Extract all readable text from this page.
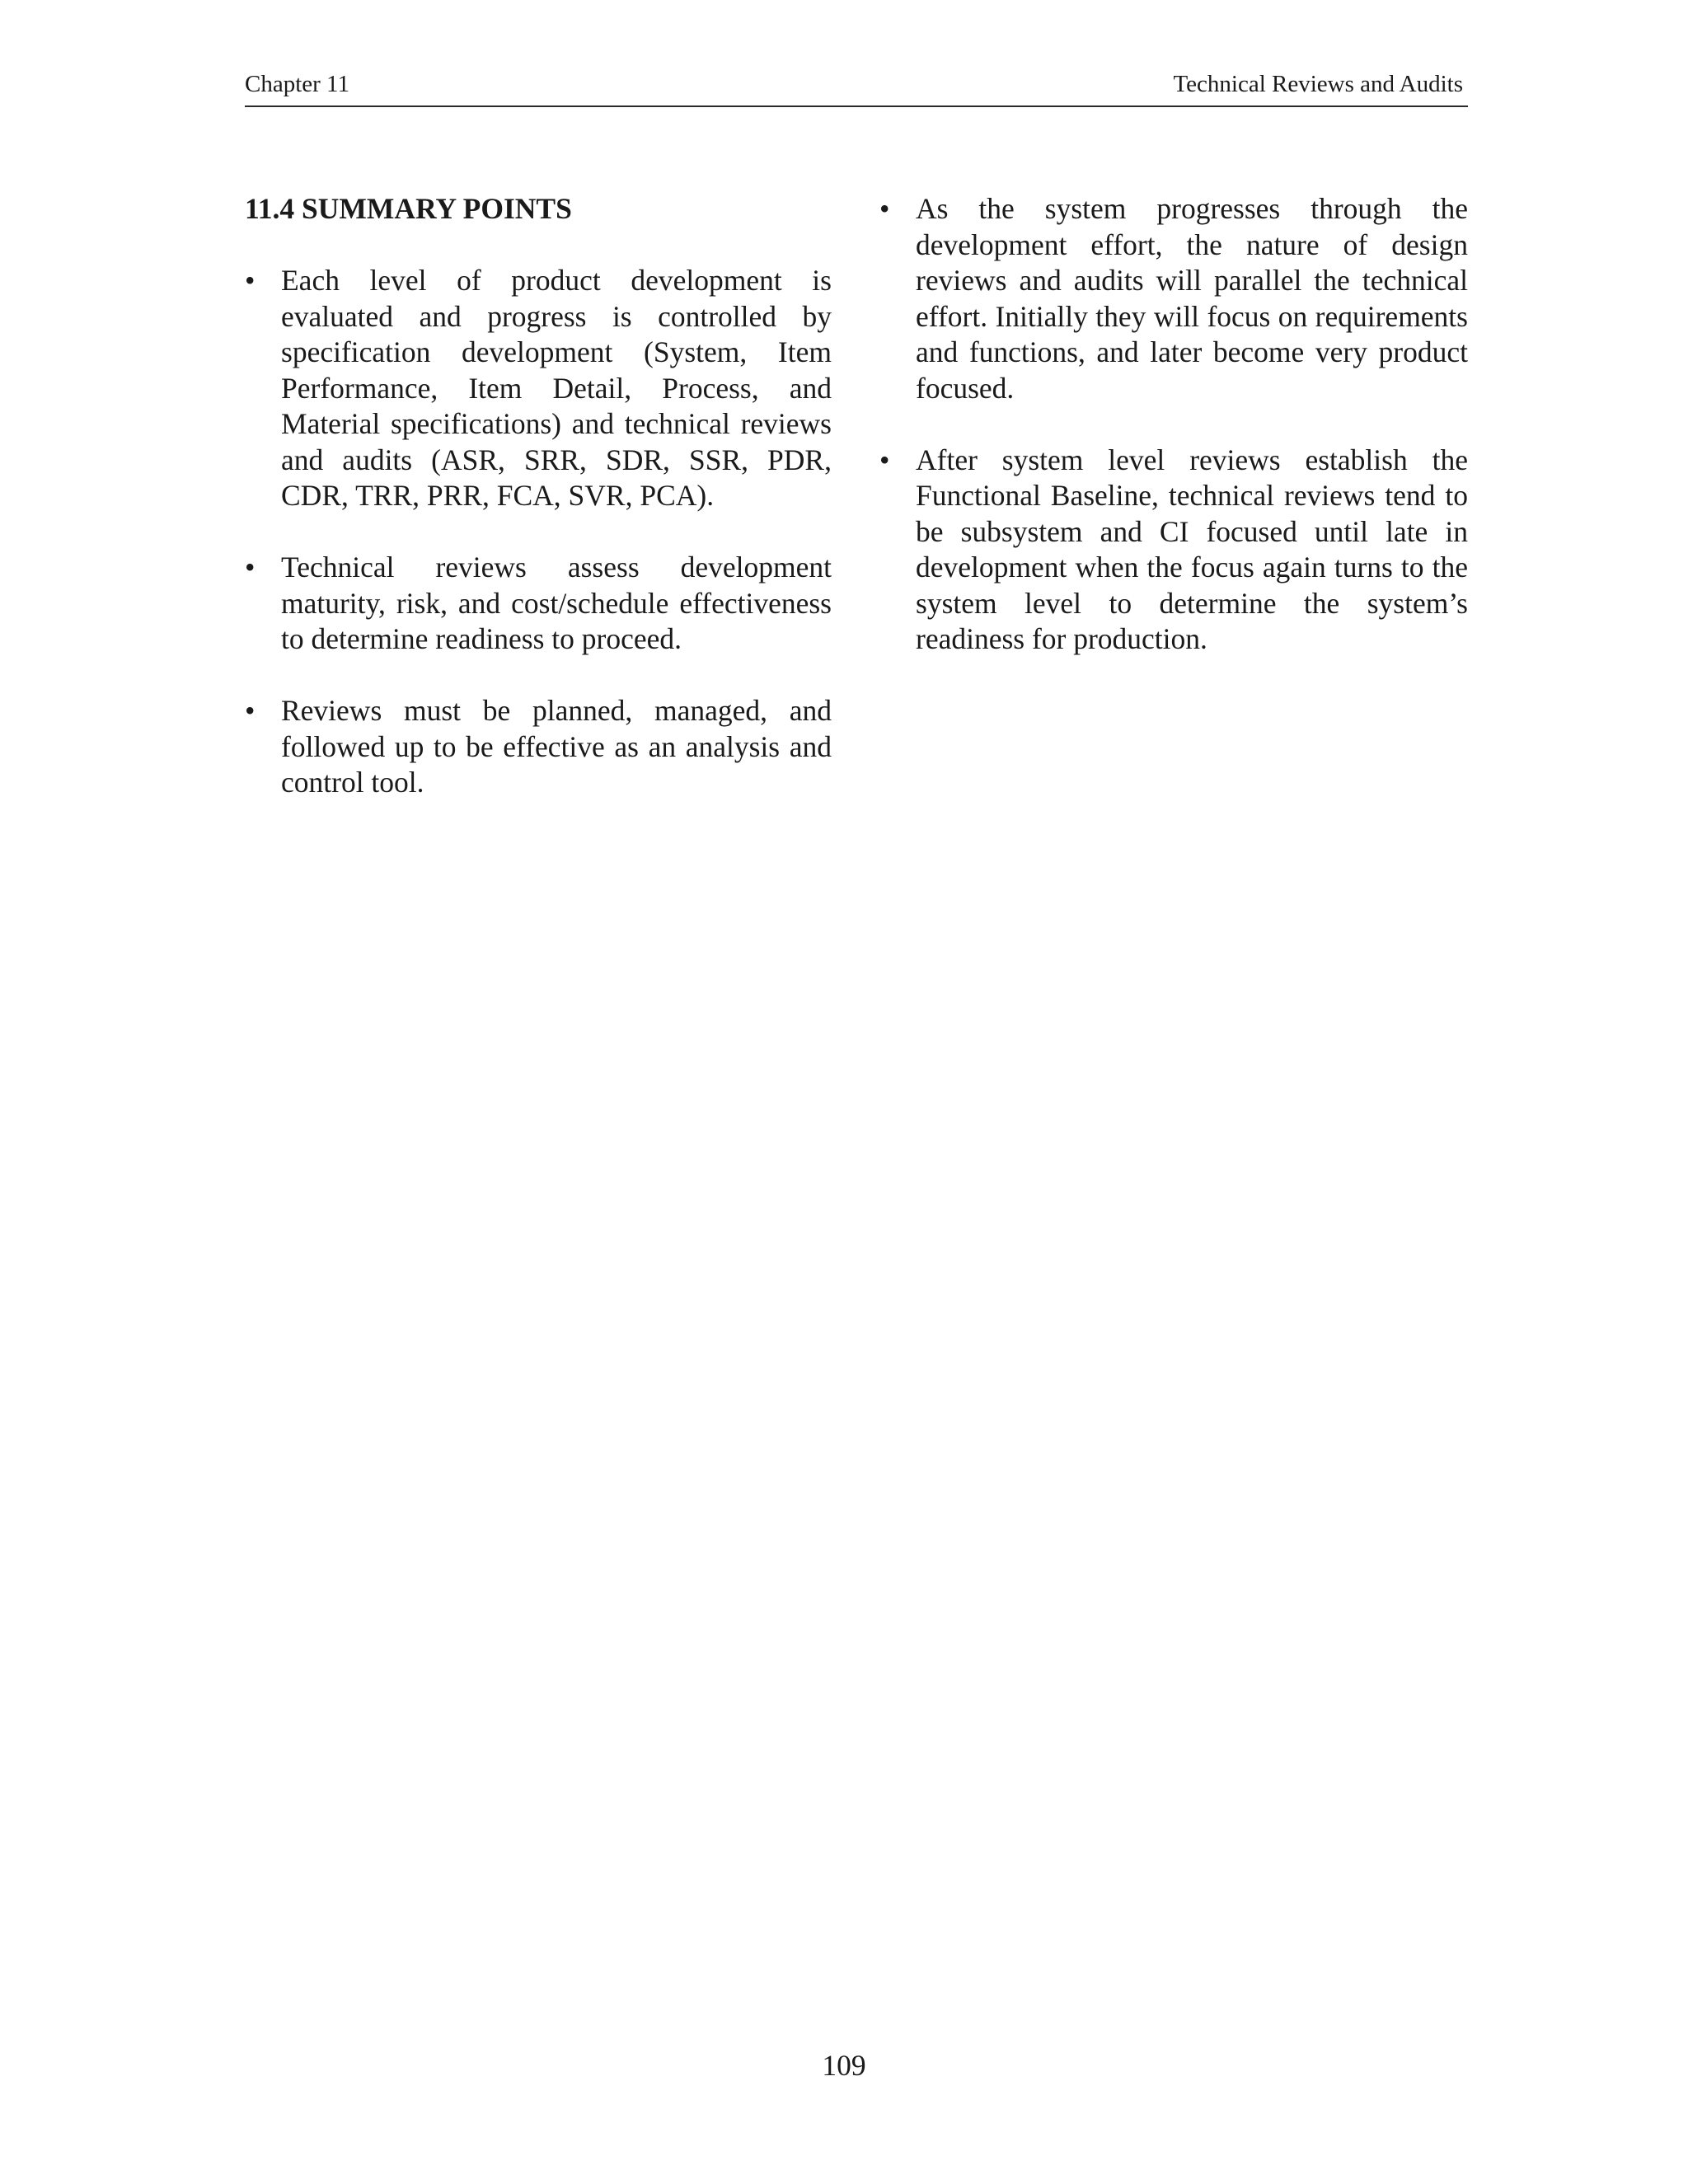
Chapter 11	Technical Reviews and Audits
11.4 SUMMARY POINTS
• Each level of product development is evaluated and progress is controlled by specification development (System, Item Performance, Item Detail, Process, and Material specifications) and technical reviews and audits (ASR, SRR, SDR, SSR, PDR, CDR, TRR, PRR, FCA, SVR, PCA).
• Technical reviews assess development maturity, risk, and cost/schedule effectiveness to determine readiness to proceed.
• Reviews must be planned, managed, and followed up to be effective as an analysis and control tool.
• As the system progresses through the development effort, the nature of design reviews and audits will parallel the technical effort. Initially they will focus on requirements and functions, and later become very product focused.
• After system level reviews establish the Functional Baseline, technical reviews tend to be subsystem and CI focused until late in development when the focus again turns to the system level to determine the system’s readiness for production.
109
